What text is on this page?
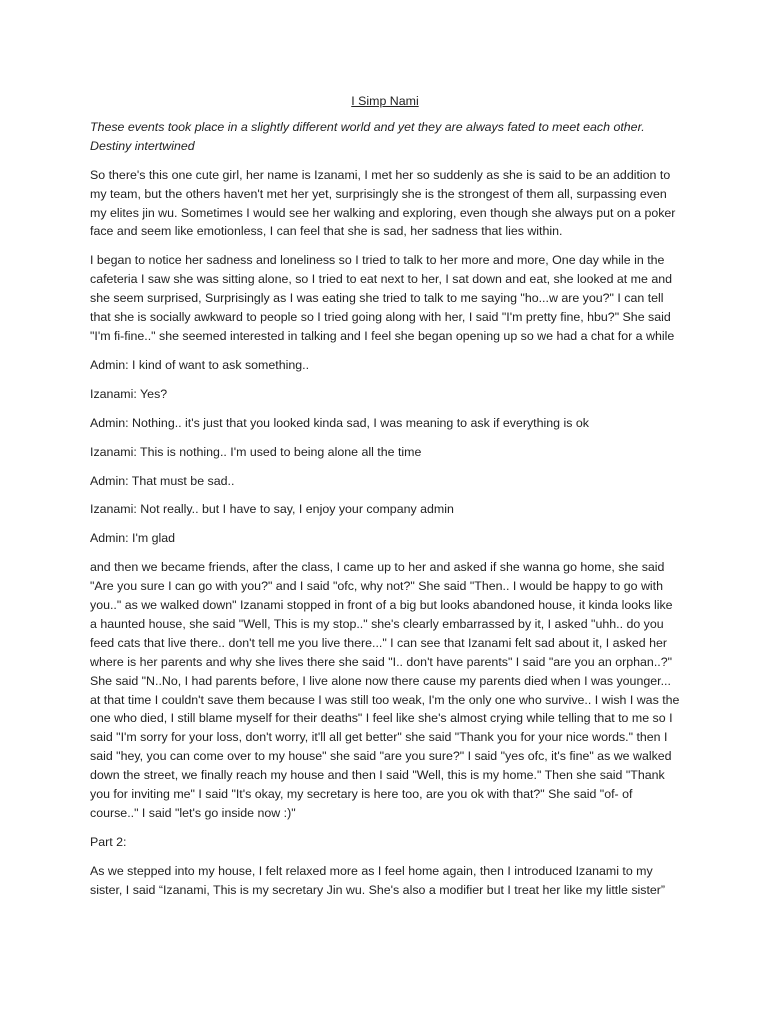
I Simp Nami

These events took place in a slightly different world and yet they are always fated to meet each other. Destiny intertwined

So there's this one cute girl, her name is Izanami, I met her so suddenly as she is said to be an addition to my team, but the others haven't met her yet, surprisingly she is the strongest of them all, surpassing even my elites jin wu. Sometimes I would see her walking and exploring, even though she always put on a poker face and seem like emotionless, I can feel that she is sad, her sadness that lies within.

I began to notice her sadness and loneliness so I tried to talk to her more and more, One day while in the cafeteria I saw she was sitting alone, so I tried to eat next to her, I sat down and eat, she looked at me and she seem surprised, Surprisingly as I was eating she tried to talk to me saying "ho...w are you?" I can tell that she is socially awkward to people so I tried going along with her, I said "I'm pretty fine, hbu?" She said "I'm fi-fine.." she seemed interested in talking and I feel she began opening up so we had a chat for a while

Admin: I kind of want to ask something..

Izanami: Yes?

Admin: Nothing.. it's just that you looked kinda sad, I was meaning to ask if everything is ok

Izanami: This is nothing.. I'm used to being alone all the time

Admin: That must be sad..

Izanami: Not really.. but I have to say, I enjoy your company admin

Admin: I'm glad

and then we became friends, after the class, I came up to her and asked if she wanna go home, she said "Are you sure I can go with you?" and I said "ofc, why not?" She said "Then.. I would be happy to go with you.." as we walked down" Izanami stopped in front of a big but looks abandoned house, it kinda looks like a haunted house, she said "Well, This is my stop.." she's clearly embarrassed by it, I asked "uhh.. do you feed cats that live there.. don't tell me you live there..." I can see that Izanami felt sad about it, I asked her where is her parents and why she lives there she said "I.. don't have parents" I said "are you an orphan..?" She said "N..No, I had parents before, I live alone now there cause my parents died when I was younger... at that time I couldn't save them because I was still too weak, I'm the only one who survive.. I wish I was the one who died, I still blame myself for their deaths" I feel like she's almost crying while telling that to me so I said "I'm sorry for your loss, don't worry, it'll all get better" she said "Thank you for your nice words." then I said "hey, you can come over to my house" she said "are you sure?" I said "yes ofc, it's fine" as we walked down the street, we finally reach my house and then I said "Well, this is my home." Then she said "Thank you for inviting me" I said "It's okay, my secretary is here too, are you ok with that?" She said "of- of course.." I said "let's go inside now :)"

Part 2:

As we stepped into my house, I felt relaxed more as I feel home again, then I introduced Izanami to my sister, I said “Izanami, This is my secretary Jin wu. She's also a modifier but I treat her like my little sister”
